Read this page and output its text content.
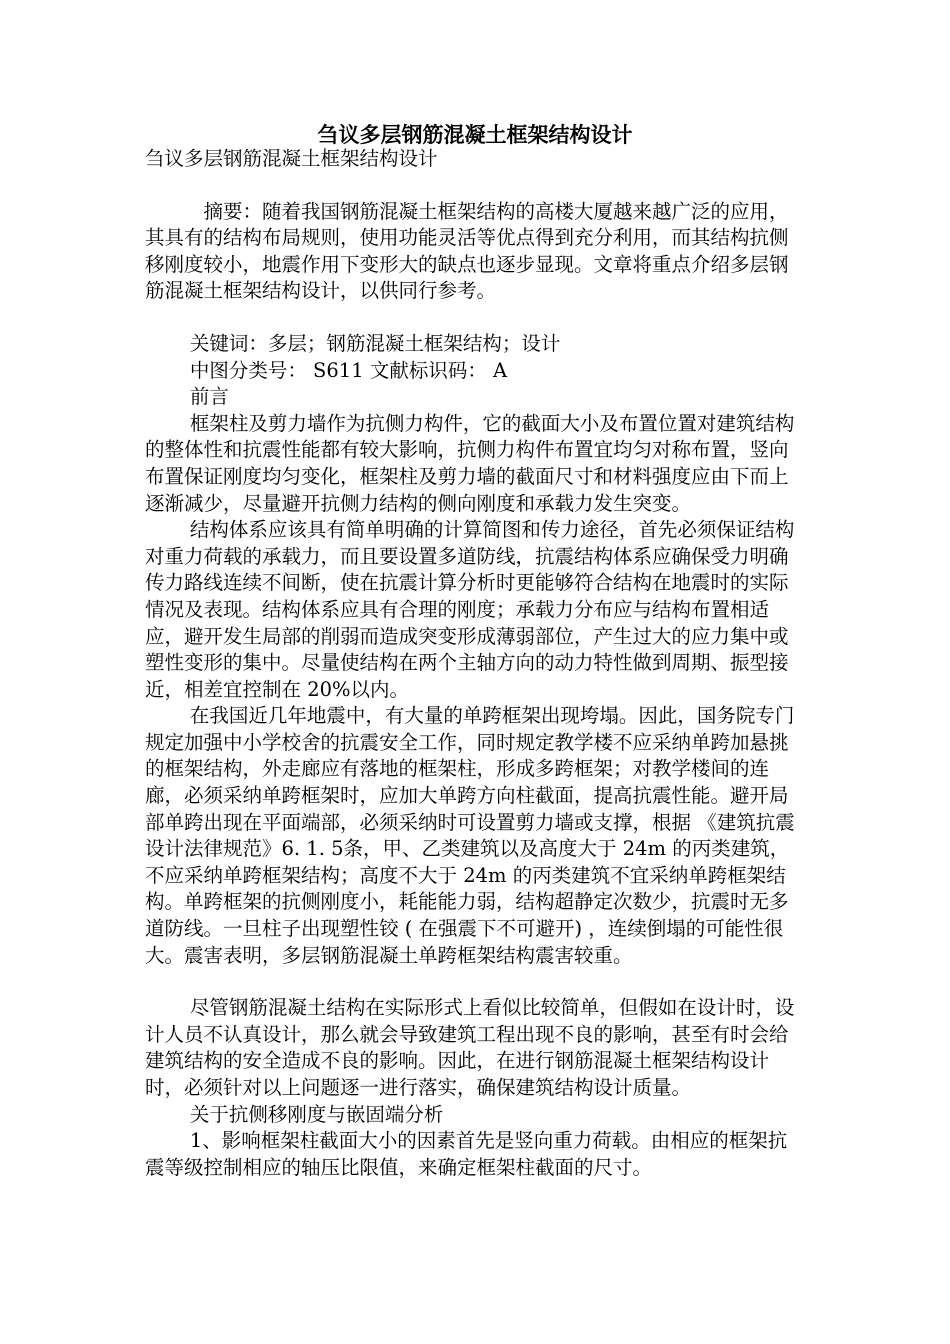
刍议多层钢筋混凝土框架结构设计

刍议多层钢筋混凝土框架结构设计

摘要：随着我国钢筋混凝土框架结构的高楼大厦越来越广泛的应用，其具有的结构布局规则，使用功能灵活等优点得到充分利用，而其结构抗侧移刚度较小，地震作用下变形大的缺点也逐步显现。文章将重点介绍多层钢筋混凝土框架结构设计，以供同行参考。

关键词：多层；钢筋混凝土框架结构；设计

中图分类号： S611 文献标识码： A

前言

框架柱及剪力墙作为抗侧力构件，它的截面大小及布置位置对建筑结构的整体性和抗震性能都有较大影响，抗侧力构件布置宜均匀对称布置，竖向布置保证刚度均匀变化，框架柱及剪力墙的截面尺寸和材料强度应由下而上逐渐减少，尽量避开抗侧力结构的侧向刚度和承载力发生突变。

结构体系应该具有简单明确的计算简图和传力途径，首先必须保证结构对重力荷载的承载力，而且要设置多道防线，抗震结构体系应确保受力明确传力路线连续不间断，使在抗震计算分析时更能够符合结构在地震时的实际情况及表现。结构体系应具有合理的刚度；承载力分布应与结构布置相适应，避开发生局部的削弱而造成突变形成薄弱部位，产生过大的应力集中或塑性变形的集中。尽量使结构在两个主轴方向的动力特性做到周期、振型接近，相差宜控制在 20%以内。

在我国近几年地震中，有大量的单跨框架出现垮塌。因此，国务院专门规定加强中小学校舍的抗震安全工作，同时规定教学楼不应采纳单跨加悬挑的框架结构，外走廊应有落地的框架柱，形成多跨框架；对教学楼间的连廊，必须采纳单跨框架时，应加大单跨方向柱截面，提高抗震性能。避开局部单跨出现在平面端部，必须采纳时可设置剪力墙或支撑，根据 《建筑抗震设计法律规范》6. 1. 5条，甲、乙类建筑以及高度大于 24m 的丙类建筑，不应采纳单跨框架结构；高度不大于 24m 的丙类建筑不宜采纳单跨框架结构。单跨框架的抗侧刚度小，耗能能力弱，结构超静定次数少，抗震时无多道防线。一旦柱子出现塑性铰 ( 在强震下不可避开) ，连续倒塌的可能性很大。震害表明，多层钢筋混凝土单跨框架结构震害较重。

尽管钢筋混凝土结构在实际形式上看似比较简单，但假如在设计时，设计人员不认真设计，那么就会导致建筑工程出现不良的影响，甚至有时会给建筑结构的安全造成不良的影响。因此，在进行钢筋混凝土框架结构设计时，必须针对以上问题逐一进行落实，确保建筑结构设计质量。

关于抗侧移刚度与嵌固端分析

1、影响框架柱截面大小的因素首先是竖向重力荷载。由相应的框架抗震等级控制相应的轴压比限值，来确定框架柱截面的尺寸。
